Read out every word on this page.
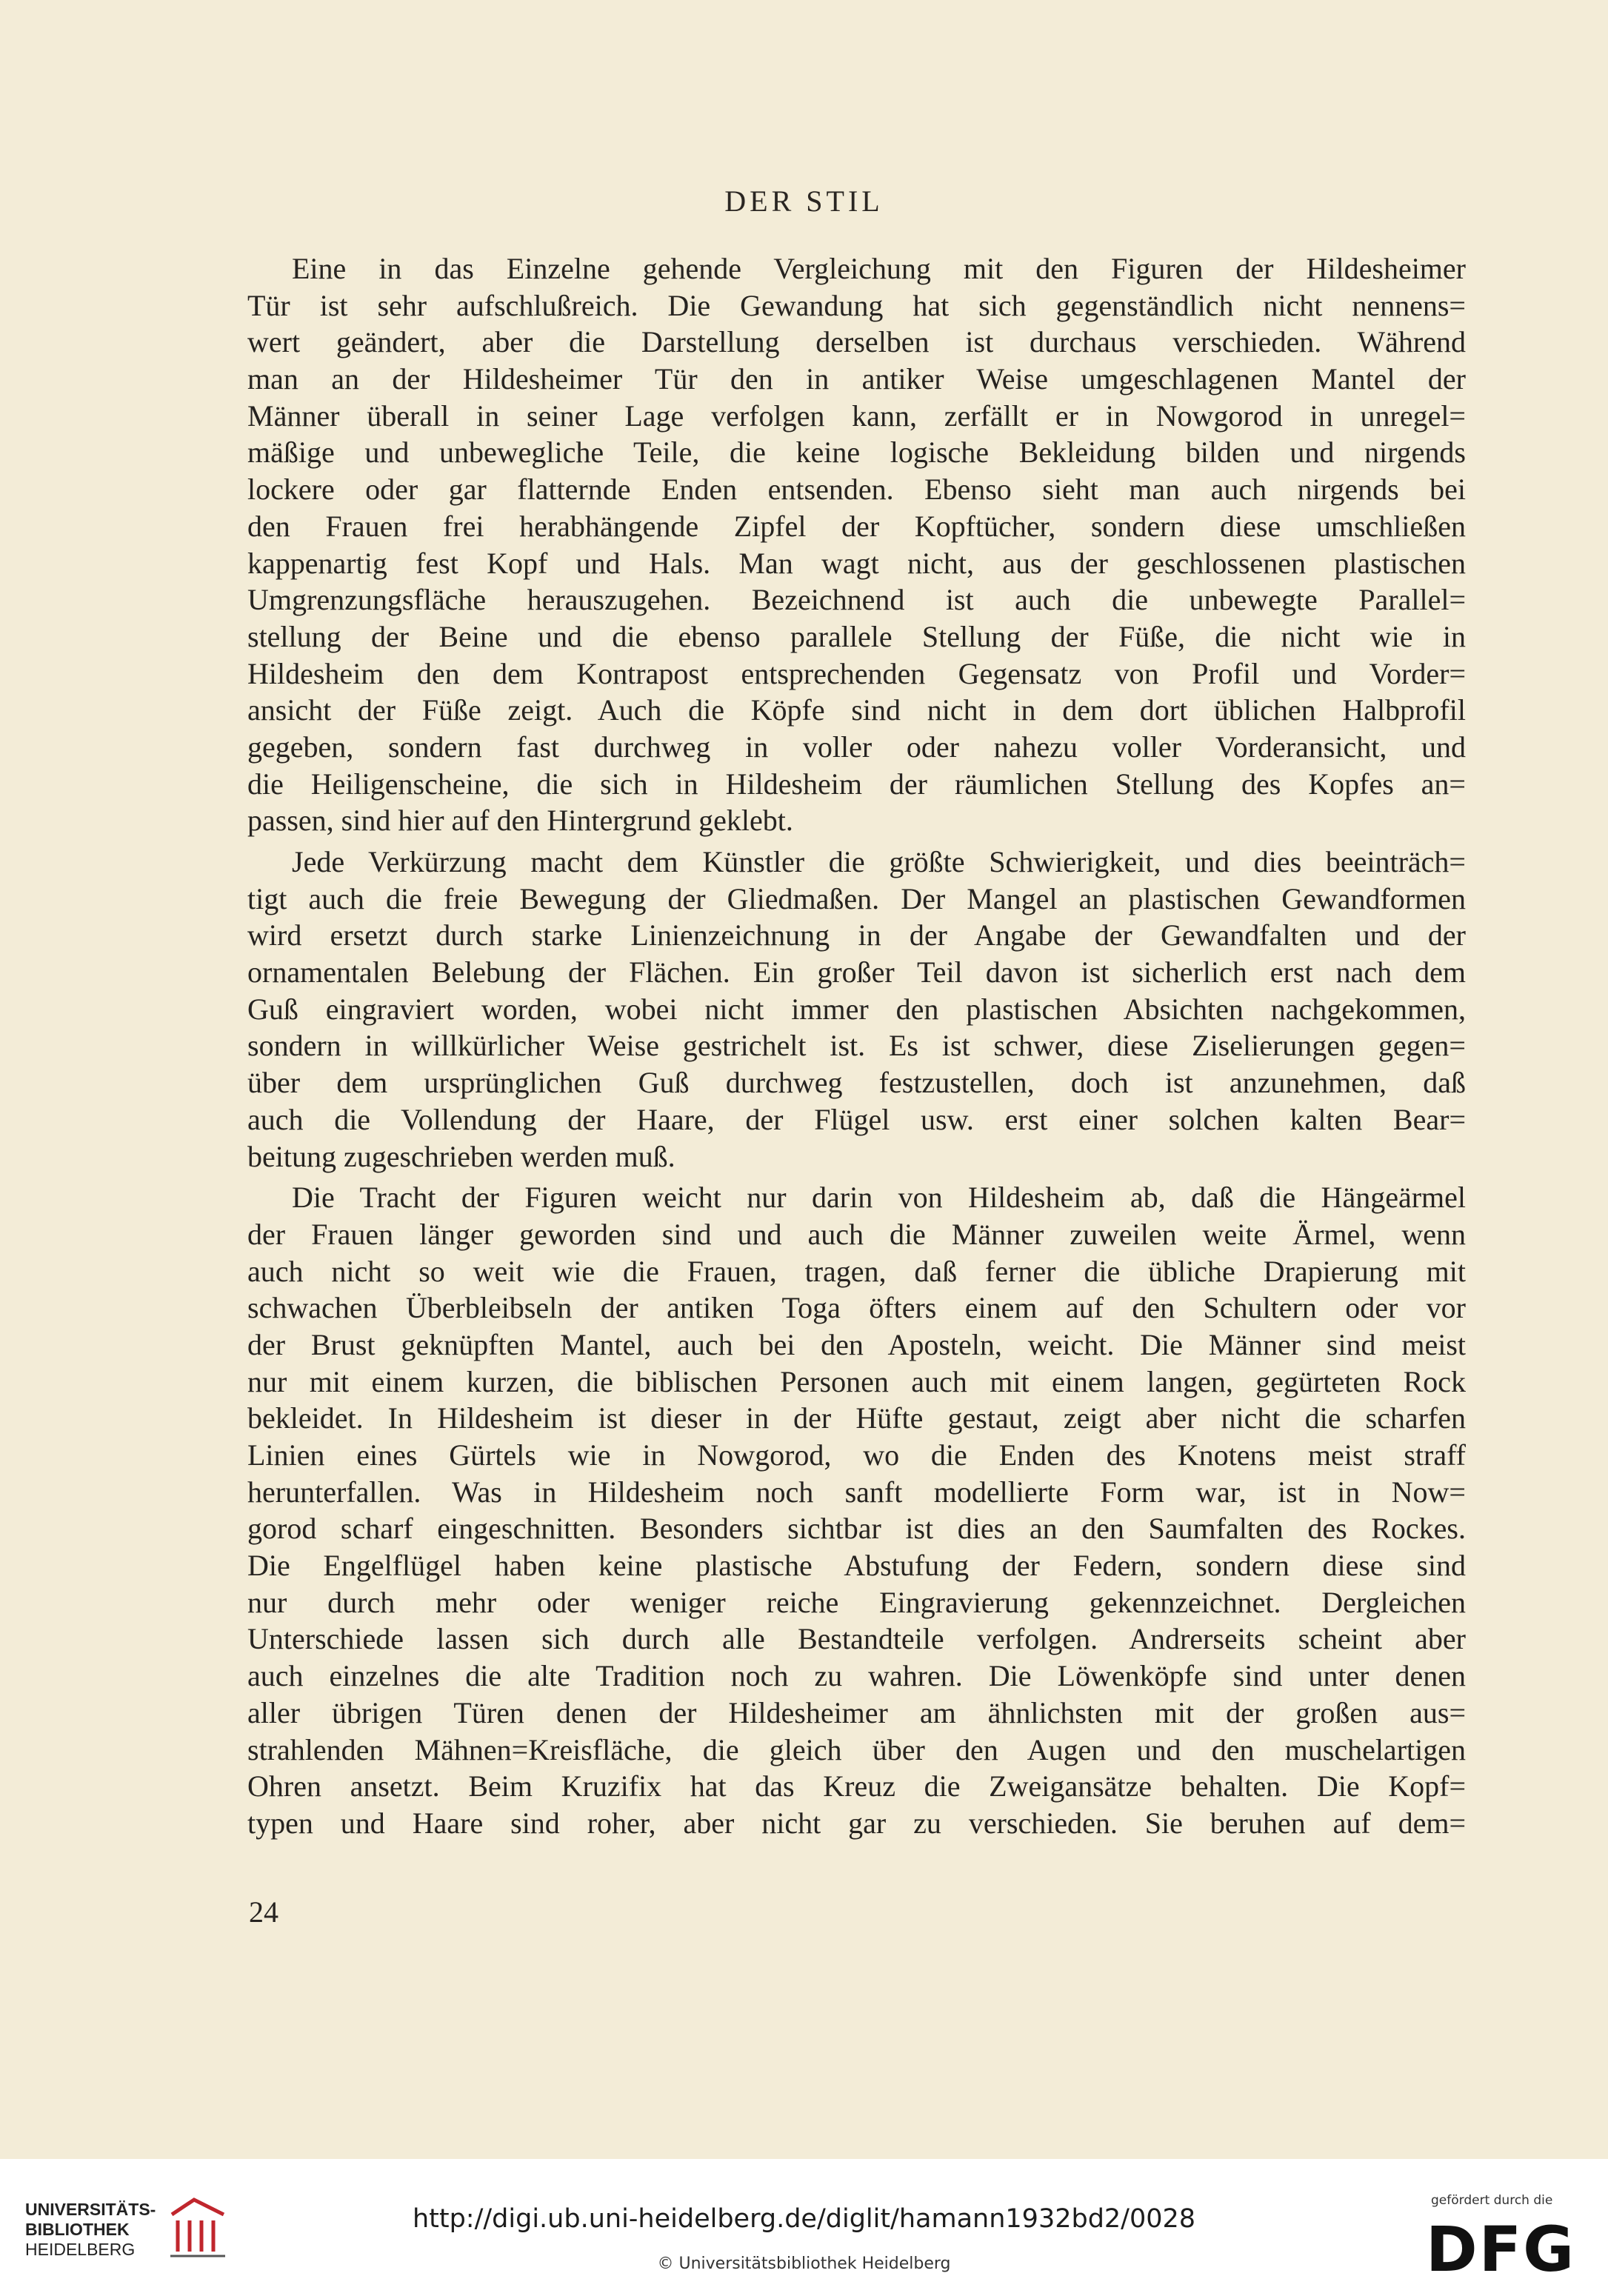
DER STIL
Eine in das Einzelne gehende Vergleichung mit den Figuren der Hildesheimer
Tür ist sehr aufschlußreich. Die Gewandung hat sich gegenständlich nicht nennens=
wert geändert, aber die Darstellung derselben ist durchaus verschieden. Während
man an der Hildesheimer Tür den in antiker Weise umgeschlagenen Mantel der
Männer überall in seiner Lage verfolgen kann, zerfällt er in Nowgorod in unregel=
mäßige und unbewegliche Teile, die keine logische Bekleidung bilden und nirgends
lockere oder gar flatternde Enden entsenden. Ebenso sieht man auch nirgends bei
den Frauen frei herabhängende Zipfel der Kopftücher, sondern diese umschließen
kappenartig fest Kopf und Hals. Man wagt nicht, aus der geschlossenen plastischen
Umgrenzungsfläche herauszugehen. Bezeichnend ist auch die unbewegte Parallel=
stellung der Beine und die ebenso parallele Stellung der Füße, die nicht wie in
Hildesheim den dem Kontrapost entsprechenden Gegensatz von Profil und Vorder=
ansicht der Füße zeigt. Auch die Köpfe sind nicht in dem dort üblichen Halbprofil
gegeben, sondern fast durchweg in voller oder nahezu voller Vorderansicht, und
die Heiligenscheine, die sich in Hildesheim der räumlichen Stellung des Kopfes an=
passen, sind hier auf den Hintergrund geklebt.
Jede Verkürzung macht dem Künstler die größte Schwierigkeit, und dies beeinträch=
tigt auch die freie Bewegung der Gliedmaßen. Der Mangel an plastischen Gewandformen
wird ersetzt durch starke Linienzeichnung in der Angabe der Gewandfalten und der
ornamentalen Belebung der Flächen. Ein großer Teil davon ist sicherlich erst nach dem
Guß eingraviert worden, wobei nicht immer den plastischen Absichten nachgekommen,
sondern in willkürlicher Weise gestrichelt ist. Es ist schwer, diese Ziselierungen gegen=
über dem ursprünglichen Guß durchweg festzustellen, doch ist anzunehmen, daß
auch die Vollendung der Haare, der Flügel usw. erst einer solchen kalten Bear=
beitung zugeschrieben werden muß.
Die Tracht der Figuren weicht nur darin von Hildesheim ab, daß die Hängeärmel
der Frauen länger geworden sind und auch die Männer zuweilen weite Ärmel, wenn
auch nicht so weit wie die Frauen, tragen, daß ferner die übliche Drapierung mit
schwachen Überbleibseln der antiken Toga öfters einem auf den Schultern oder vor
der Brust geknüpften Mantel, auch bei den Aposteln, weicht. Die Männer sind meist
nur mit einem kurzen, die biblischen Personen auch mit einem langen, gegürteten Rock
bekleidet. In Hildesheim ist dieser in der Hüfte gestaut, zeigt aber nicht die scharfen
Linien eines Gürtels wie in Nowgorod, wo die Enden des Knotens meist straff
herunterfallen. Was in Hildesheim noch sanft modellierte Form war, ist in Now=
gorod scharf eingeschnitten. Besonders sichtbar ist dies an den Saumfalten des Rockes.
Die Engelflügel haben keine plastische Abstufung der Federn, sondern diese sind
nur durch mehr oder weniger reiche Eingravierung gekennzeichnet. Dergleichen
Unterschiede lassen sich durch alle Bestandteile verfolgen. Andrerseits scheint aber
auch einzelnes die alte Tradition noch zu wahren. Die Löwenköpfe sind unter denen
aller übrigen Türen denen der Hildesheimer am ähnlichsten mit der großen aus=
strahlenden Mähnen=Kreisfläche, die gleich über den Augen und den muschelartigen
Ohren ansetzt. Beim Kruzifix hat das Kreuz die Zweigansätze behalten. Die Kopf=
typen und Haare sind roher, aber nicht gar zu verschieden. Sie beruhen auf dem=
24
UNIVERSITÄTS-
BIBLIOTHEK
HEIDELBERG
http://digi.ub.uni-heidelberg.de/diglit/hamann1932bd2/0028
© Universitätsbibliothek Heidelberg
gefördert durch die
DFG
